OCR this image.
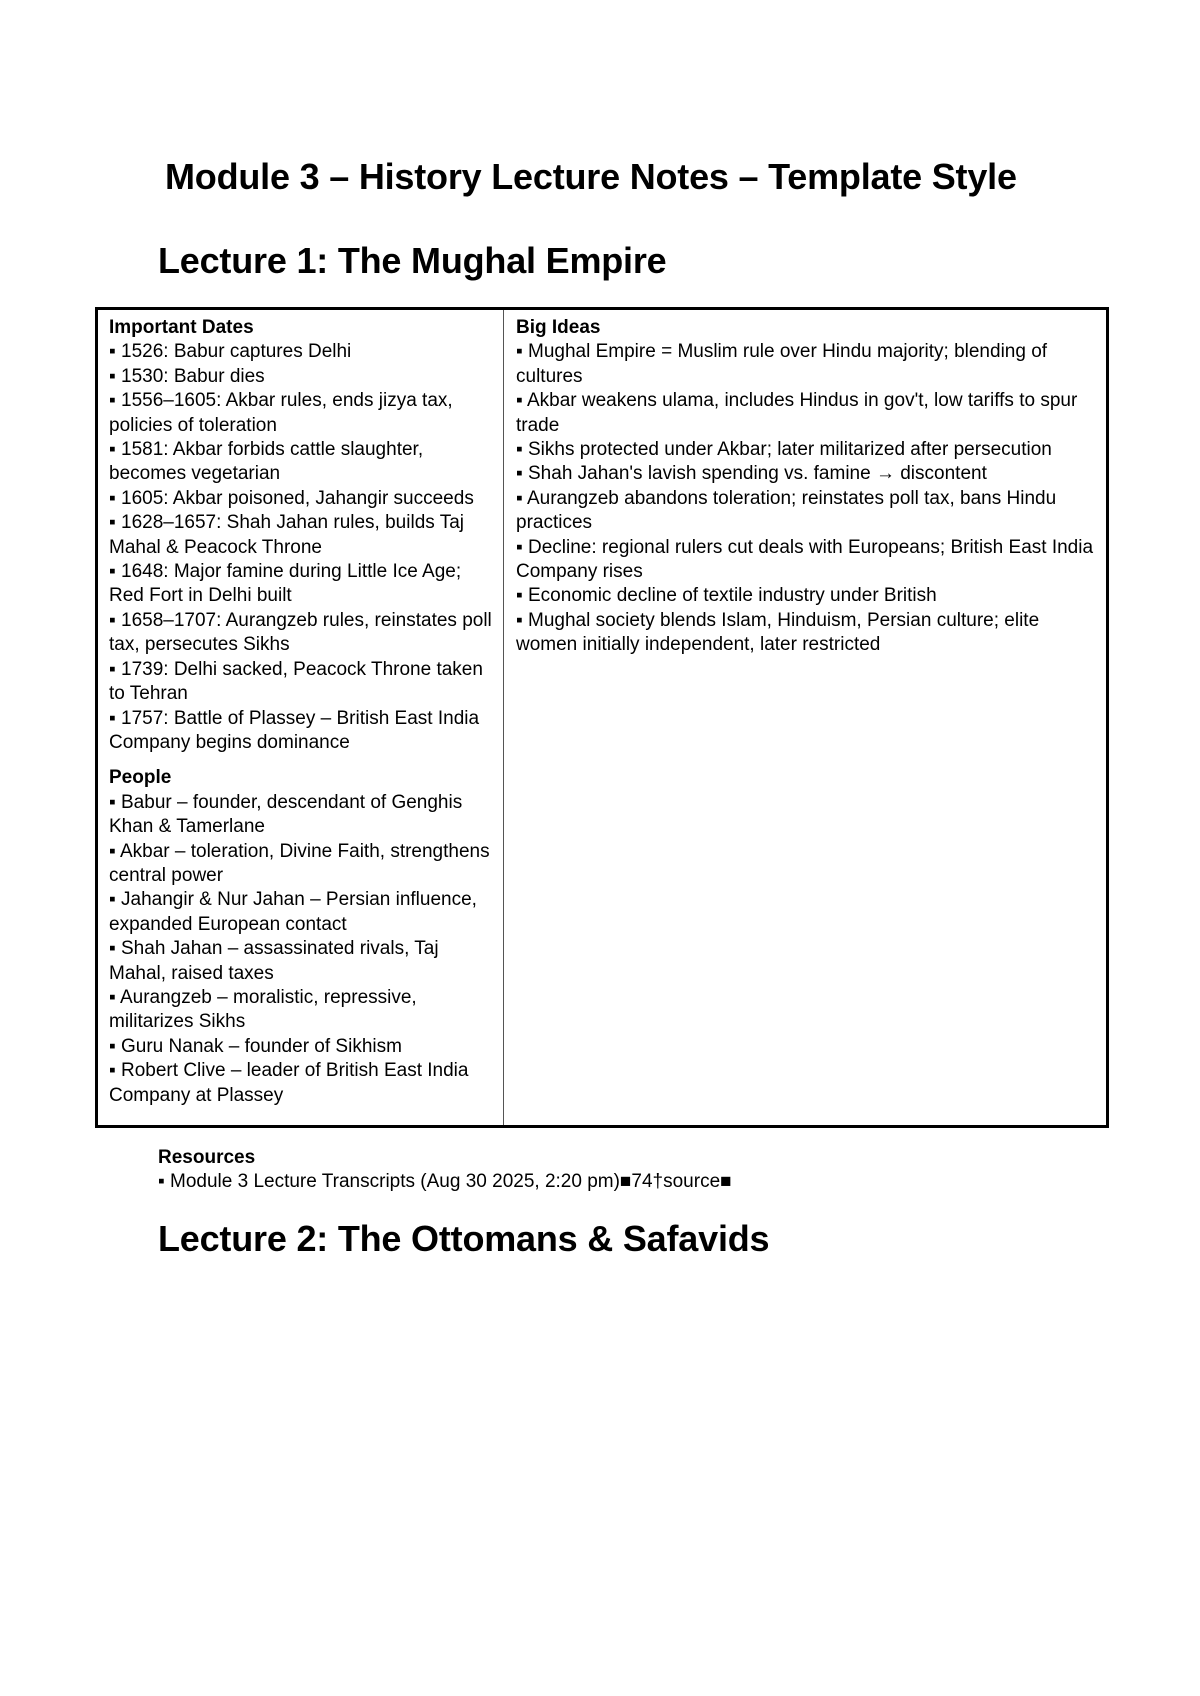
Module 3 – History Lecture Notes – Template Style
Lecture 1: The Mughal Empire
Important Dates
▪ 1526: Babur captures Delhi
▪ 1530: Babur dies
▪ 1556–1605: Akbar rules, ends jizya tax, policies of toleration
▪ 1581: Akbar forbids cattle slaughter, becomes vegetarian
▪ 1605: Akbar poisoned, Jahangir succeeds
▪ 1628–1657: Shah Jahan rules, builds Taj Mahal & Peacock Throne
▪ 1648: Major famine during Little Ice Age; Red Fort in Delhi built
▪ 1658–1707: Aurangzeb rules, reinstates poll tax, persecutes Sikhs
▪ 1739: Delhi sacked, Peacock Throne taken to Tehran
▪ 1757: Battle of Plassey – British East India Company begins dominance
People
▪ Babur – founder, descendant of Genghis Khan & Tamerlane
▪ Akbar – toleration, Divine Faith, strengthens central power
▪ Jahangir & Nur Jahan – Persian influence, expanded European contact
▪ Shah Jahan – assassinated rivals, Taj Mahal, raised taxes
▪ Aurangzeb – moralistic, repressive, militarizes Sikhs
▪ Guru Nanak – founder of Sikhism
▪ Robert Clive – leader of British East India Company at Plassey
Big Ideas
▪ Mughal Empire = Muslim rule over Hindu majority; blending of cultures
▪ Akbar weakens ulama, includes Hindus in gov't, low tariffs to spur trade
▪ Sikhs protected under Akbar; later militarized after persecution
▪ Shah Jahan's lavish spending vs. famine → discontent
▪ Aurangzeb abandons toleration; reinstates poll tax, bans Hindu practices
▪ Decline: regional rulers cut deals with Europeans; British East India Company rises
▪ Economic decline of textile industry under British
▪ Mughal society blends Islam, Hinduism, Persian culture; elite women initially independent, later restricted
Resources
▪ Module 3 Lecture Transcripts (Aug 30 2025, 2:20 pm)■74†source■
Lecture 2: The Ottomans & Safavids
